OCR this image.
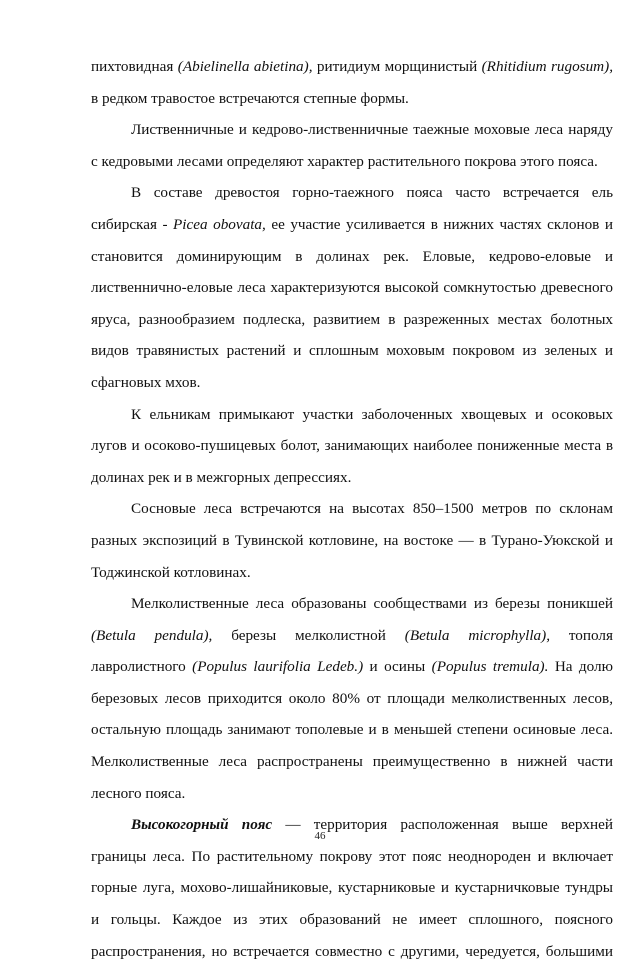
пихтовидная (Abielinella abietina), ритидиум морщинистый (Rhitidium rugosum), в редком травостое встречаются степные формы.

Лиственничные и кедрово-лиственничные таежные моховые леса наряду с кедровыми лесами определяют характер растительного покрова этого пояса.

В составе древостоя горно-таежного пояса часто встречается ель сибирская - Picea obovata, ее участие усиливается в нижних частях склонов и становится доминирующим в долинах рек. Еловые, кедрово-еловые и лиственнично-еловые леса характеризуются высокой сомкнутостью древесного яруса, разнообразием подлеска, развитием в разреженных местах болотных видов травянистых растений и сплошным моховым покровом из зеленых и сфагновых мхов.

К ельникам примыкают участки заболоченных хвощевых и осоковых лугов и осоково-пушицевых болот, занимающих наиболее пониженные места в долинах рек и в межгорных депрессиях.

Сосновые леса встречаются на высотах 850–1500 метров по склонам разных экспозиций в Тувинской котловине, на востоке — в Турано-Уюкской и Тоджинской котловинах.

Мелколиственные леса образованы сообществами из березы поникшей (Betula pendula), березы мелколистной (Betula microphylla), тополя лавролистного (Populus laurifolia Ledeb.) и осины (Populus tremula). На долю березовых лесов приходится около 80% от площади мелколиственных лесов, остальную площадь занимают тополевые и в меньшей степени осиновые леса. Мелколиственные леса распространены преимущественно в нижней части лесного пояса.

Высокогорный пояс — территория расположенная выше верхней границы леса. По растительному покрову этот пояс неоднороден и включает горные луга, мохово-лишайниковые, кустарниковые и кустарничковые тундры и гольцы. Каждое из этих образований не имеет сплошного, поясного распространения, но встречается совместно с другими, чередуется, большими

46
